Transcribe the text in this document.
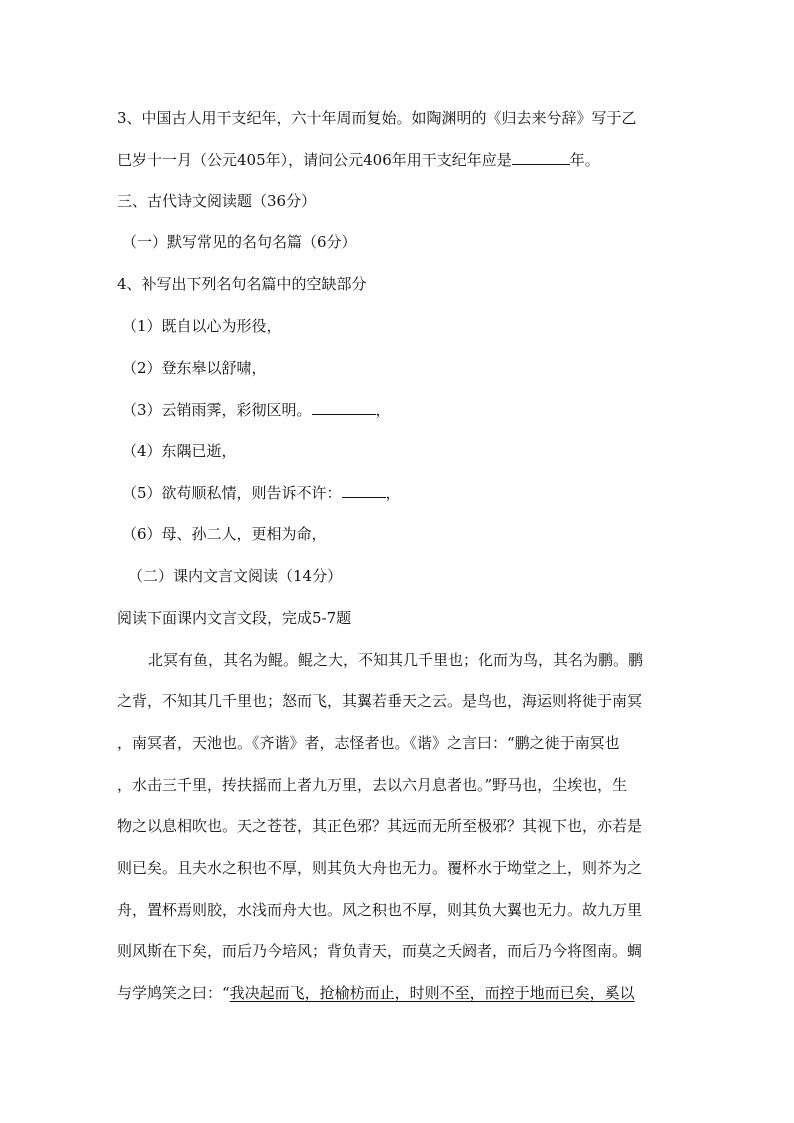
3、中国古人用干支纪年，六十年周而复始。如陶渊明的《归去来兮辞》写于乙
巳岁十一月（公元405年），请问公元406年用干支纪年应是	年。
三、古代诗文阅读题（36分）
（一）默写常见的名句名篇（6分）
4、补写出下列名句名篇中的空缺部分
（1）既自以心为形役，
（2）登东皋以舒啸，
（3）云销雨霁，彩彻区明。	，
（4）东隅已逝，
（5）欲苟顺私情，则告诉不许：	，
（6）母、孙二人，更相为命，
（二）课内文言文阅读（14分）
阅读下面课内文言文段，完成5-7题
北冥有鱼，其名为鲲。鲲之大，不知其几千里也；化而为鸟，其名为鹏。鹏
之背，不知其几千里也；怒而飞，其翼若垂天之云。是鸟也，海运则将徙于南冥
，南冥者，天池也。《齐谐》者，志怪者也。《谐》之言曰：“鹏之徙于南冥也
，水击三千里，抟扶摇而上者九万里，去以六月息者也。”野马也，尘埃也，生
物之以息相吹也。天之苍苍，其正色邪？其远而无所至极邪？其视下也，亦若是
则已矣。且夫水之积也不厚，则其负大舟也无力。覆杯水于坳堂之上，则芥为之
舟，置杯焉则胶，水浅而舟大也。风之积也不厚，则其负大翼也无力。故九万里
则风斯在下矣，而后乃今培风；背负青天，而莫之夭阏者，而后乃今将图南。蜩
与学鸠笑之曰：“我决起而飞，抢榆枋而止，时则不至，而控于地而已矣，奚以
